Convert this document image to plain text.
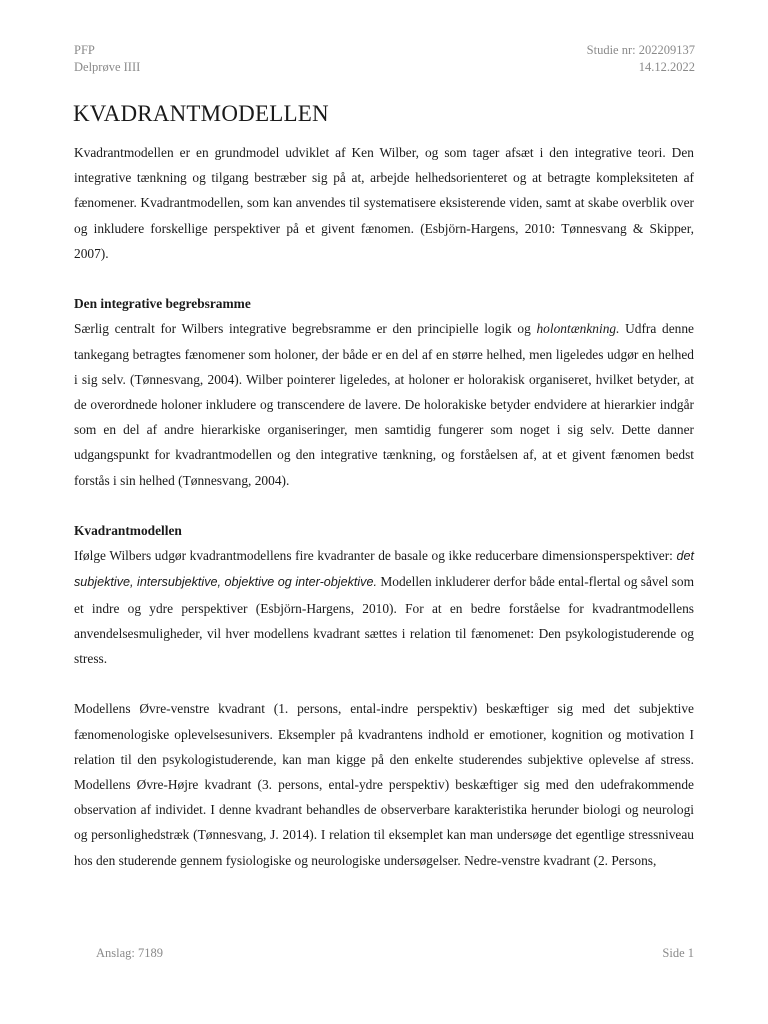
PFP
Delprøve IIII
Studie nr: 202209137
14.12.2022
KVADRANTMODELLEN

Kvadrantmodellen er en grundmodel udviklet af Ken Wilber, og som tager afsæt i den integrative teori. Den integrative tænkning og tilgang bestræber sig på at, arbejde helhedsorienteret og at betragte kompleksiteten af fænomener. Kvadrantmodellen, som kan anvendes til systematisere eksisterende viden, samt at skabe overblik over og inkludere forskellige perspektiver på et givent fænomen. (Esbjörn-Hargens, 2010: Tønnesvang & Skipper, 2007).

Den integrative begrebsramme

Særlig centralt for Wilbers integrative begrebsramme er den principielle logik og holontænkning. Udfra denne tankegang betragtes fænomener som holoner, der både er en del af en større helhed, men ligeledes udgør en helhed i sig selv. (Tønnesvang, 2004). Wilber pointerer ligeledes, at holoner er holorakisk organiseret, hvilket betyder, at de overordnede holoner inkludere og transcendere de lavere. De holorakiske betyder endvidere at hierarkier indgår som en del af andre hierarkiske organiseringer, men samtidig fungerer som noget i sig selv. Dette danner udgangspunkt for kvadrantmodellen og den integrative tænkning, og forståelsen af, at et givent fænomen bedst forstås i sin helhed (Tønnesvang, 2004).

Kvadrantmodellen

Ifølge Wilbers udgør kvadrantmodellens fire kvadranter de basale og ikke reducerbare dimensionsperspektiver: det subjektive, intersubjektive, objektive og inter-objektive. Modellen inkluderer derfor både ental-flertal og såvel som et indre og ydre perspektiver (Esbjörn-Hargens, 2010). For at en bedre forståelse for kvadrantmodellens anvendelsesmuligheder, vil hver modellens kvadrant sættes i relation til fænomenet: Den psykologistuderende og stress.

Modellens Øvre-venstre kvadrant (1. persons, ental-indre perspektiv) beskæftiger sig med det subjektive fænomenologiske oplevelsesunivers. Eksempler på kvadrantens indhold er emotioner, kognition og motivation I relation til den psykologistuderende, kan man kigge på den enkelte studerendes subjektive oplevelse af stress. Modellens Øvre-Højre kvadrant (3. persons, ental-ydre perspektiv) beskæftiger sig med den udefrakommende observation af individet. I denne kvadrant behandles de observerbare karakteristika herunder biologi og neurologi og personlighedstræk (Tønnesvang, J. 2014). I relation til eksemplet kan man undersøge det egentlige stressniveau hos den studerende gennem fysiologiske og neurologiske undersøgelser. Nedre-venstre kvadrant (2. Persons,

Anslag: 7189	Side 1
